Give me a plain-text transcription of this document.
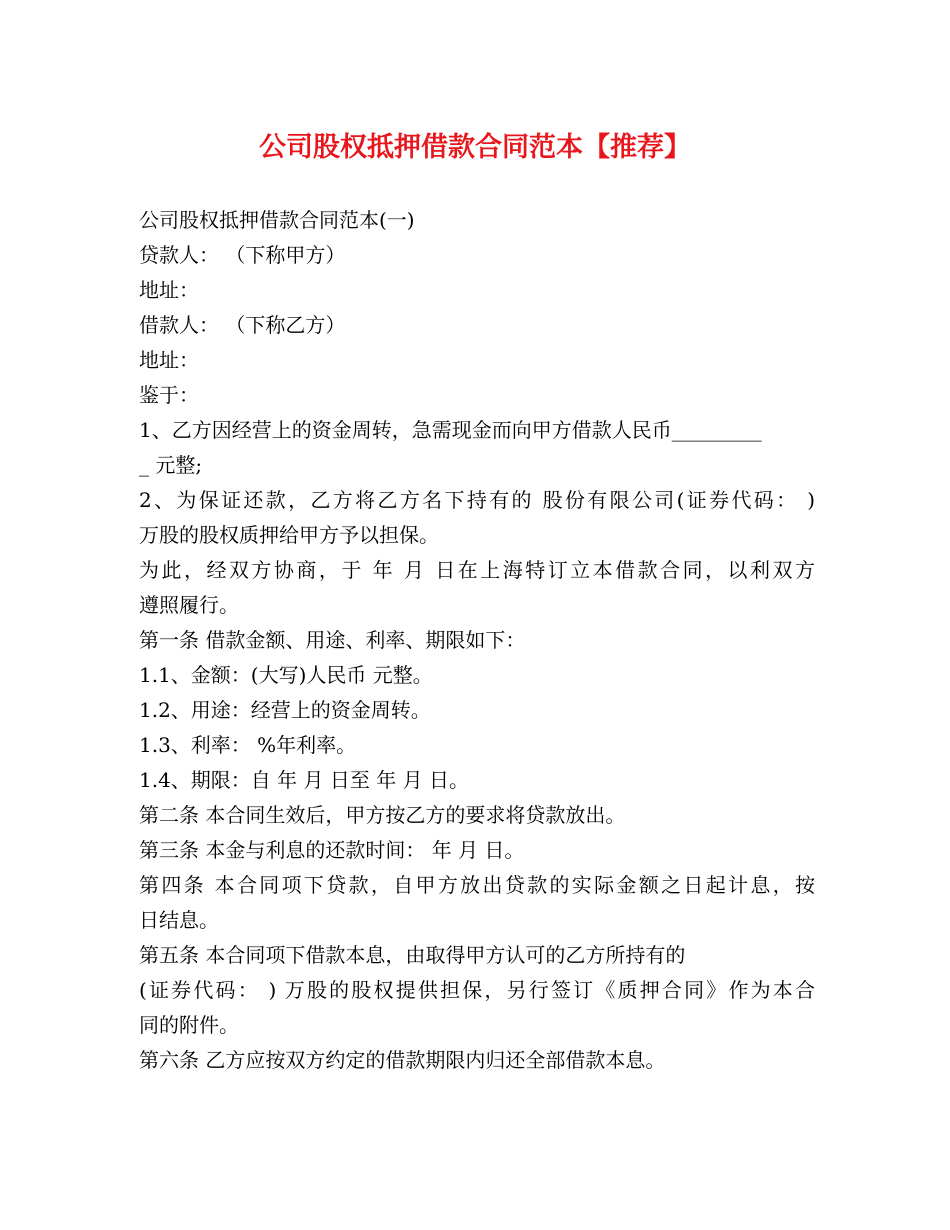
公司股权抵押借款合同范本【推荐】
公司股权抵押借款合同范本(一)
贷款人： （下称甲方）
地址：
借款人： （下称乙方）
地址：
鉴于：
1、乙方因经营上的资金周转，急需现金而向甲方借款人民币_________
_ 元整;
2、为保证还款，乙方将乙方名下持有的 股份有限公司(证券代码： )
万股的股权质押给甲方予以担保。
为此，经双方协商，于 年 月 日在上海特订立本借款合同，以利双方
遵照履行。
第一条 借款金额、用途、利率、期限如下：
1.1、金额：(大写)人民币 元整。
1.2、用途：经营上的资金周转。
1.3、利率： %年利率。
1.4、期限：自 年 月 日至 年 月 日。
第二条 本合同生效后，甲方按乙方的要求将贷款放出。
第三条 本金与利息的还款时间： 年 月 日。
第四条 本合同项下贷款，自甲方放出贷款的实际金额之日起计息，按
日结息。
第五条 本合同项下借款本息，由取得甲方认可的乙方所持有的
(证券代码： ) 万股的股权提供担保，另行签订《质押合同》作为本合
同的附件。
第六条 乙方应按双方约定的借款期限内归还全部借款本息。
